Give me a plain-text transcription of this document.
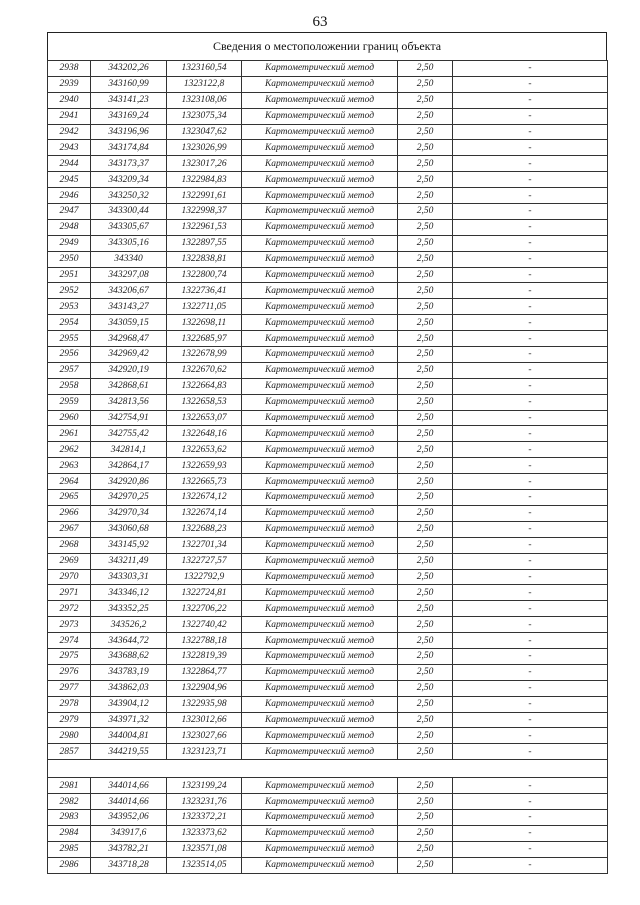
63
Сведения о местоположении границ объекта
2938	343202,26	1323160,54	Картометрический метод	2,50	-
2939	343160,99	1323122,8	Картометрический метод	2,50	-
2940	343141,23	1323108,06	Картометрический метод	2,50	-
2941	343169,24	1323075,34	Картометрический метод	2,50	-
2942	343196,96	1323047,62	Картометрический метод	2,50	-
2943	343174,84	1323026,99	Картометрический метод	2,50	-
2944	343173,37	1323017,26	Картометрический метод	2,50	-
2945	343209,34	1322984,83	Картометрический метод	2,50	-
2946	343250,32	1322991,61	Картометрический метод	2,50	-
2947	343300,44	1322998,37	Картометрический метод	2,50	-
2948	343305,67	1322961,53	Картометрический метод	2,50	-
2949	343305,16	1322897,55	Картометрический метод	2,50	-
2950	343340	1322838,81	Картометрический метод	2,50	-
2951	343297,08	1322800,74	Картометрический метод	2,50	-
2952	343206,67	1322736,41	Картометрический метод	2,50	-
2953	343143,27	1322711,05	Картометрический метод	2,50	-
2954	343059,15	1322698,11	Картометрический метод	2,50	-
2955	342968,47	1322685,97	Картометрический метод	2,50	-
2956	342969,42	1322678,99	Картометрический метод	2,50	-
2957	342920,19	1322670,62	Картометрический метод	2,50	-
2958	342868,61	1322664,83	Картометрический метод	2,50	-
2959	342813,56	1322658,53	Картометрический метод	2,50	-
2960	342754,91	1322653,07	Картометрический метод	2,50	-
2961	342755,42	1322648,16	Картометрический метод	2,50	-
2962	342814,1	1322653,62	Картометрический метод	2,50	-
2963	342864,17	1322659,93	Картометрический метод	2,50	-
2964	342920,86	1322665,73	Картометрический метод	2,50	-
2965	342970,25	1322674,12	Картометрический метод	2,50	-
2966	342970,34	1322674,14	Картометрический метод	2,50	-
2967	343060,68	1322688,23	Картометрический метод	2,50	-
2968	343145,92	1322701,34	Картометрический метод	2,50	-
2969	343211,49	1322727,57	Картометрический метод	2,50	-
2970	343303,31	1322792,9	Картометрический метод	2,50	-
2971	343346,12	1322724,81	Картометрический метод	2,50	-
2972	343352,25	1322706,22	Картометрический метод	2,50	-
2973	343526,2	1322740,42	Картометрический метод	2,50	-
2974	343644,72	1322788,18	Картометрический метод	2,50	-
2975	343688,62	1322819,39	Картометрический метод	2,50	-
2976	343783,19	1322864,77	Картометрический метод	2,50	-
2977	343862,03	1322904,96	Картометрический метод	2,50	-
2978	343904,12	1322935,98	Картометрический метод	2,50	-
2979	343971,32	1323012,66	Картометрический метод	2,50	-
2980	344004,81	1323027,66	Картометрический метод	2,50	-
2857	344219,55	1323123,71	Картометрический метод	2,50	-

2981	344014,66	1323199,24	Картометрический метод	2,50	-
2982	344014,66	1323231,76	Картометрический метод	2,50	-
2983	343952,06	1323372,21	Картометрический метод	2,50	-
2984	343917,6	1323373,62	Картометрический метод	2,50	-
2985	343782,21	1323571,08	Картометрический метод	2,50	-
2986	343718,28	1323514,05	Картометрический метод	2,50	-
